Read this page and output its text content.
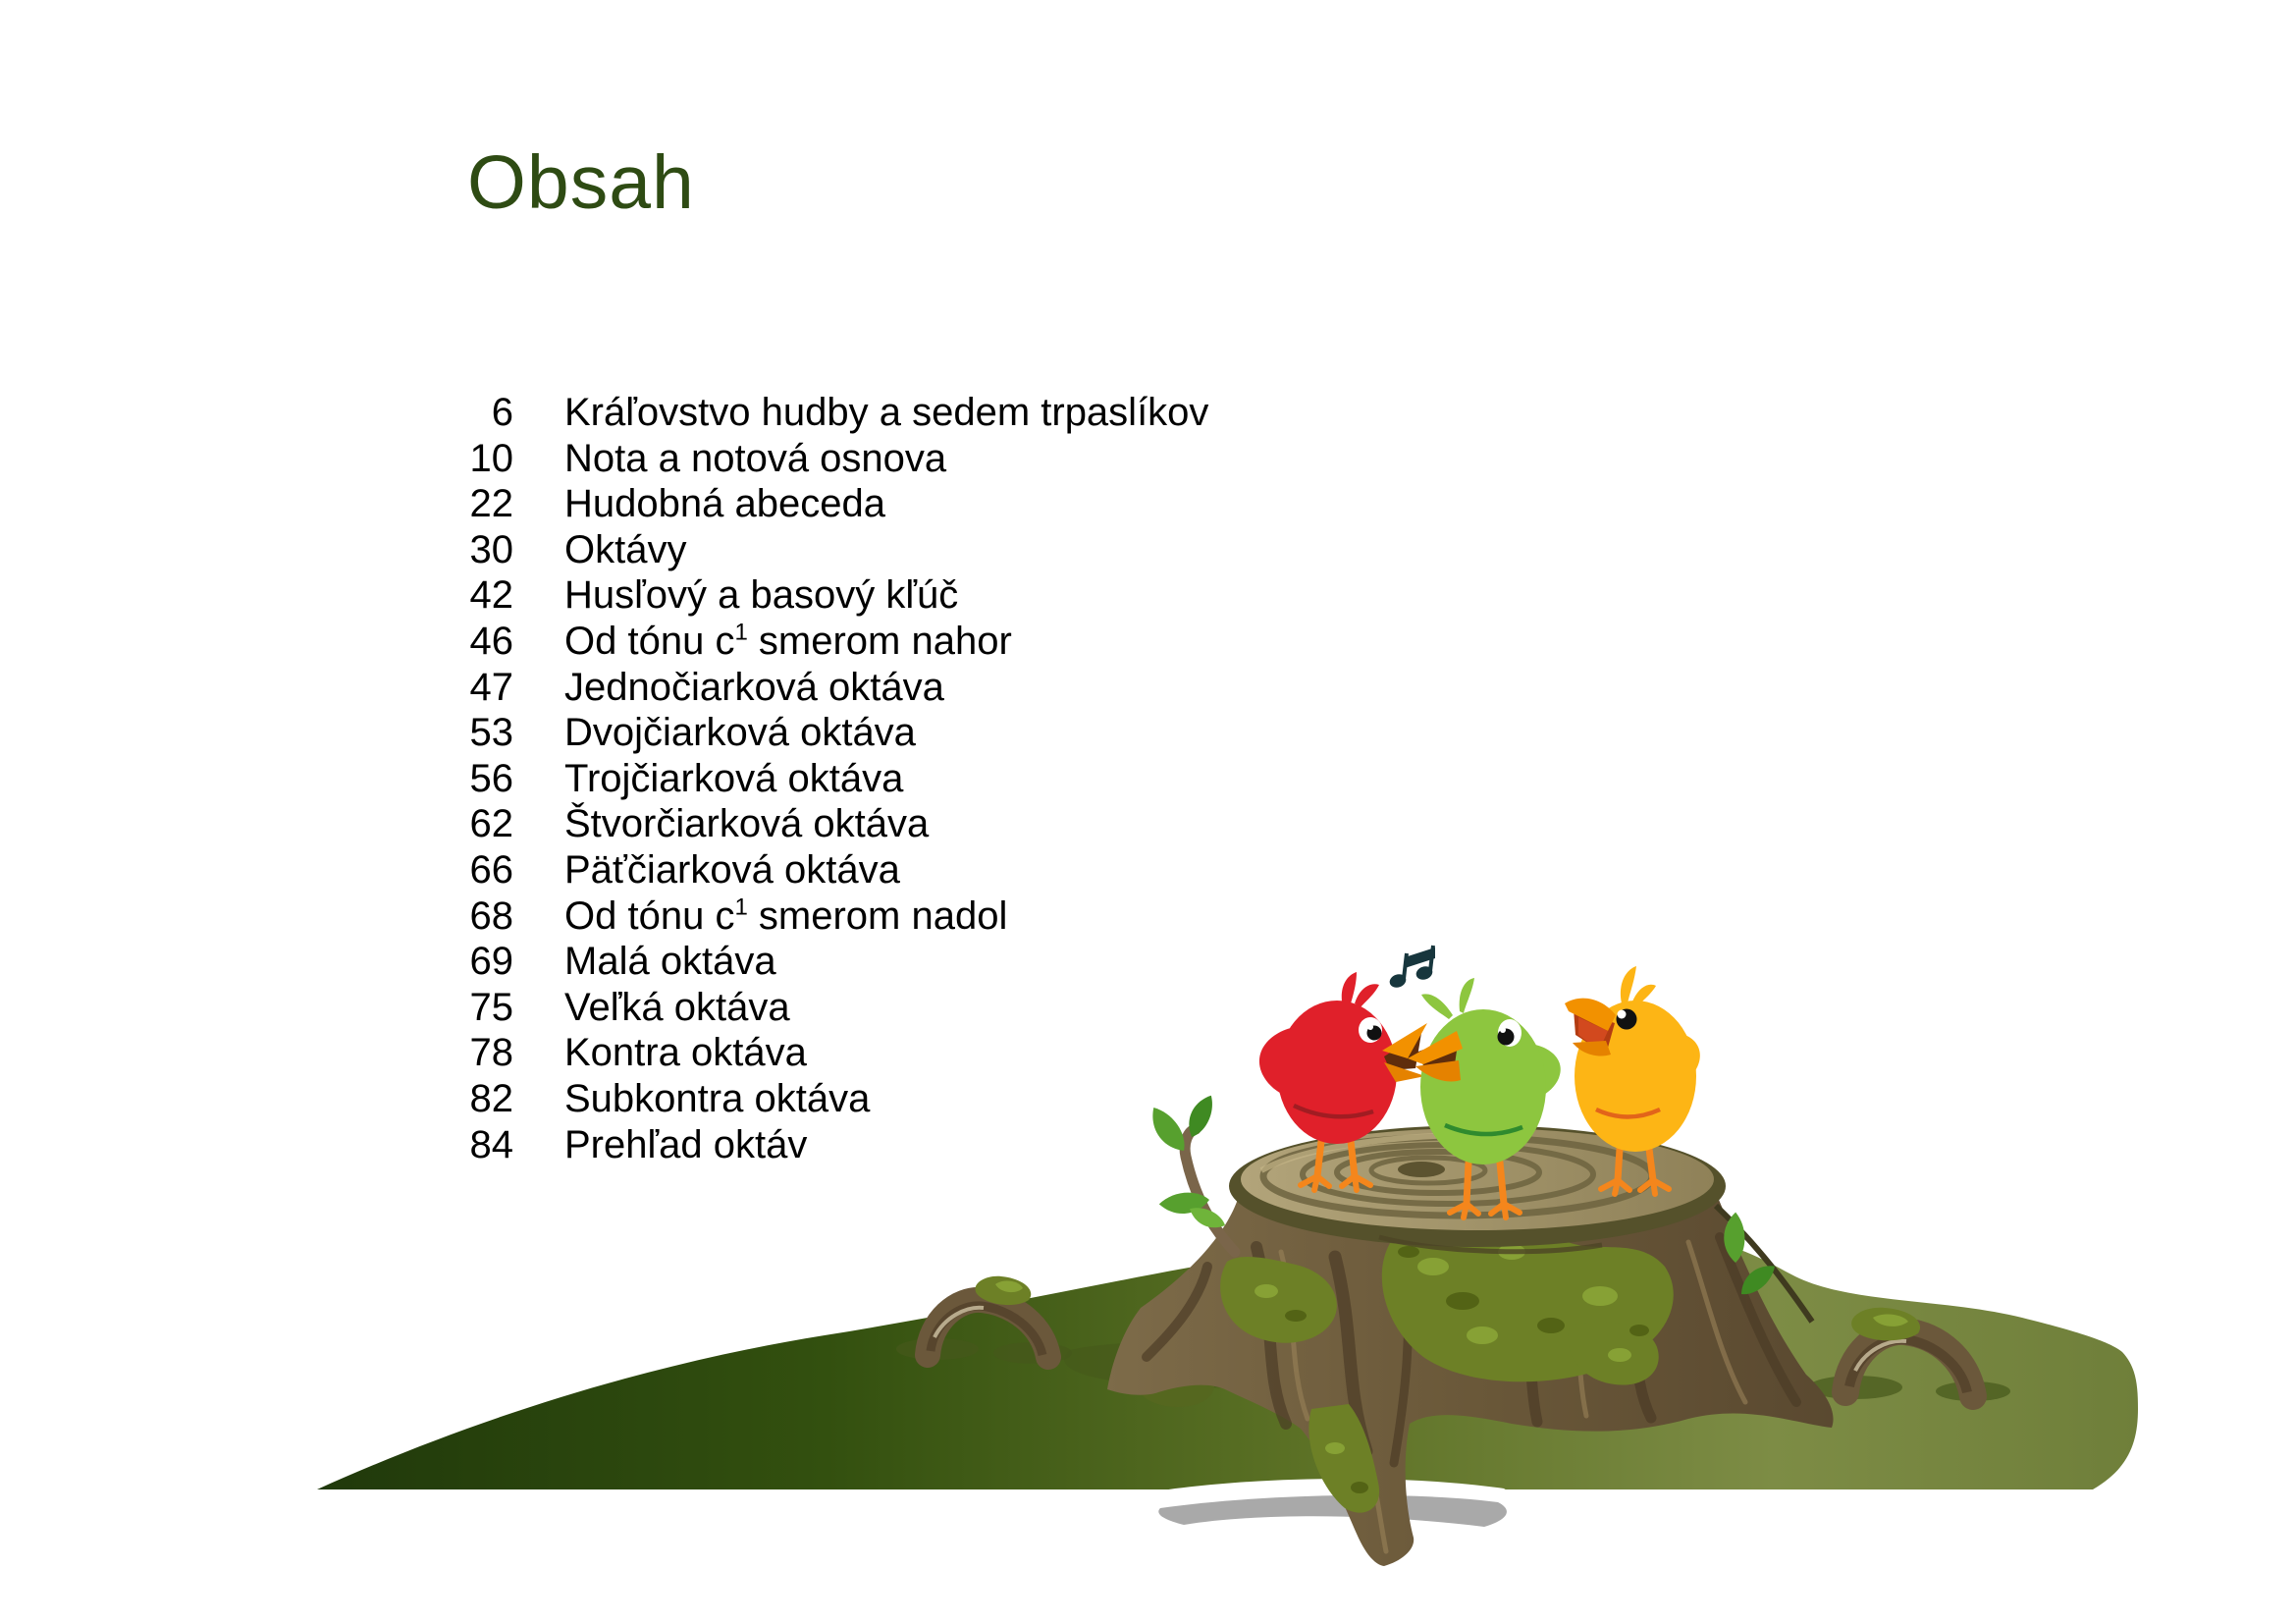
Obsah
6 Kráľovstvo hudby a sedem trpaslíkov
10 Nota a notová osnova
22 Hudobná abeceda
30 Oktávy
42 Husľový a basový kľúč
46 Od tónu $c^1$ smerom nahor
47 Jednočiarková oktáva
53 Dvojčiarková oktáva
56 Trojčiarková oktáva
62 Štvorčiarková oktáva
66 Päťčiarková oktáva
68 Od tónu $c^1$ smerom nadol
69 Malá oktáva
75 Veľká oktáva
78 Kontra oktáva
82 Subkontra oktáva
84 Prehľad oktáv
